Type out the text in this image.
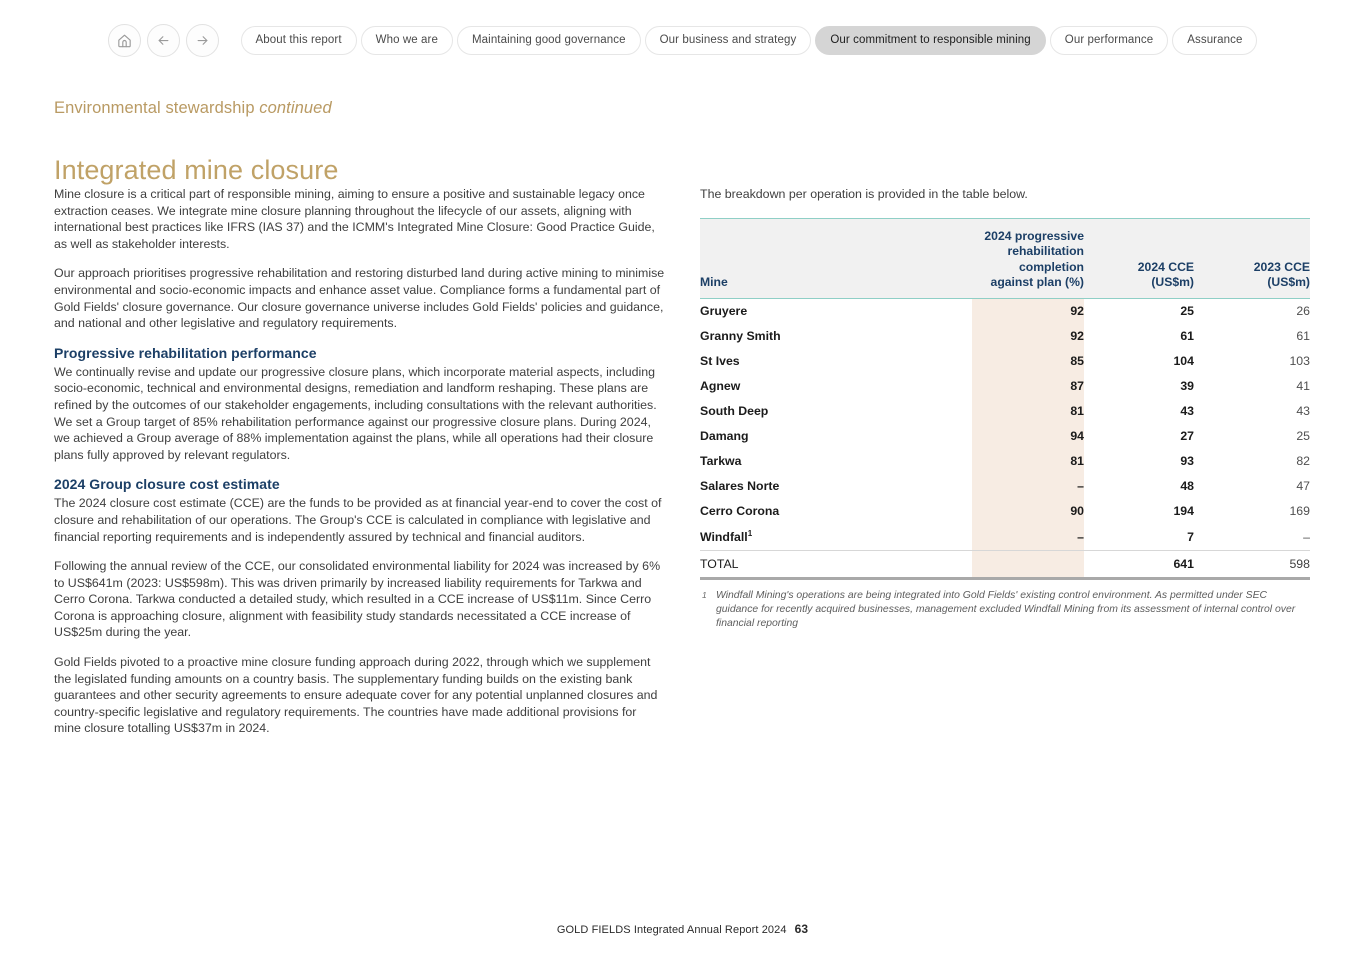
About this report	Who we are	Maintaining good governance	Our business and strategy	Our commitment to responsible mining	Our performance	Assurance
Environmental stewardship continued
Integrated mine closure

Mine closure is a critical part of responsible mining, aiming to ensure a positive and sustainable legacy once extraction ceases. We integrate mine closure planning throughout the lifecycle of our assets, aligning with international best practices like IFRS (IAS 37) and the ICMM's Integrated Mine Closure: Good Practice Guide, as well as stakeholder interests.

Our approach prioritises progressive rehabilitation and restoring disturbed land during active mining to minimise environmental and socio-economic impacts and enhance asset value. Compliance forms a fundamental part of Gold Fields' closure governance. Our closure governance universe includes Gold Fields' policies and guidance, and national and other legislative and regulatory requirements.

Progressive rehabilitation performance

We continually revise and update our progressive closure plans, which incorporate material aspects, including socio-economic, technical and environmental designs, remediation and landform reshaping. These plans are refined by the outcomes of our stakeholder engagements, including consultations with the relevant authorities. We set a Group target of 85% rehabilitation performance against our progressive closure plans. During 2024, we achieved a Group average of 88% implementation against the plans, while all operations had their closure plans fully approved by relevant regulators.

2024 Group closure cost estimate

The 2024 closure cost estimate (CCE) are the funds to be provided as at financial year-end to cover the cost of closure and rehabilitation of our operations. The Group's CCE is calculated in compliance with legislative and financial reporting requirements and is independently assured by technical and financial auditors.

Following the annual review of the CCE, our consolidated environmental liability for 2024 was increased by 6% to US$641m (2023: US$598m). This was driven primarily by increased liability requirements for Tarkwa and Cerro Corona. Tarkwa conducted a detailed study, which resulted in a CCE increase of US$11m. Since Cerro Corona is approaching closure, alignment with feasibility study standards necessitated a CCE increase of US$25m during the year.

Gold Fields pivoted to a proactive mine closure funding approach during 2022, through which we supplement the legislated funding amounts on a country basis. The supplementary funding builds on the existing bank guarantees and other security agreements to ensure adequate cover for any potential unplanned closures and country-specific legislative and regulatory requirements. The countries have made additional provisions for mine closure totalling US$37m in 2024.

The breakdown per operation is provided in the table below.
Mine	2024 progressive
rehabilitation
completion
against plan (%)	2024 CCE
(US$m)	2023 CCE
(US$m)
Gruyere	92	25	26
Granny Smith	92	61	61
St Ives	85	104	103
Agnew	87	39	41
South Deep	81	43	43
Damang	94	27	25
Tarkwa	81	93	82
Salares Norte	–	48	47
Cerro Corona	90	194	169
Windfall$^1$	–	7	–
TOTAL		641	598
1 Windfall Mining's operations are being integrated into Gold Fields' existing control environment. As permitted under SEC guidance for recently acquired businesses, management excluded Windfall Mining from its assessment of internal control over financial reporting
GOLD FIELDS Integrated Annual Report 2024 63
